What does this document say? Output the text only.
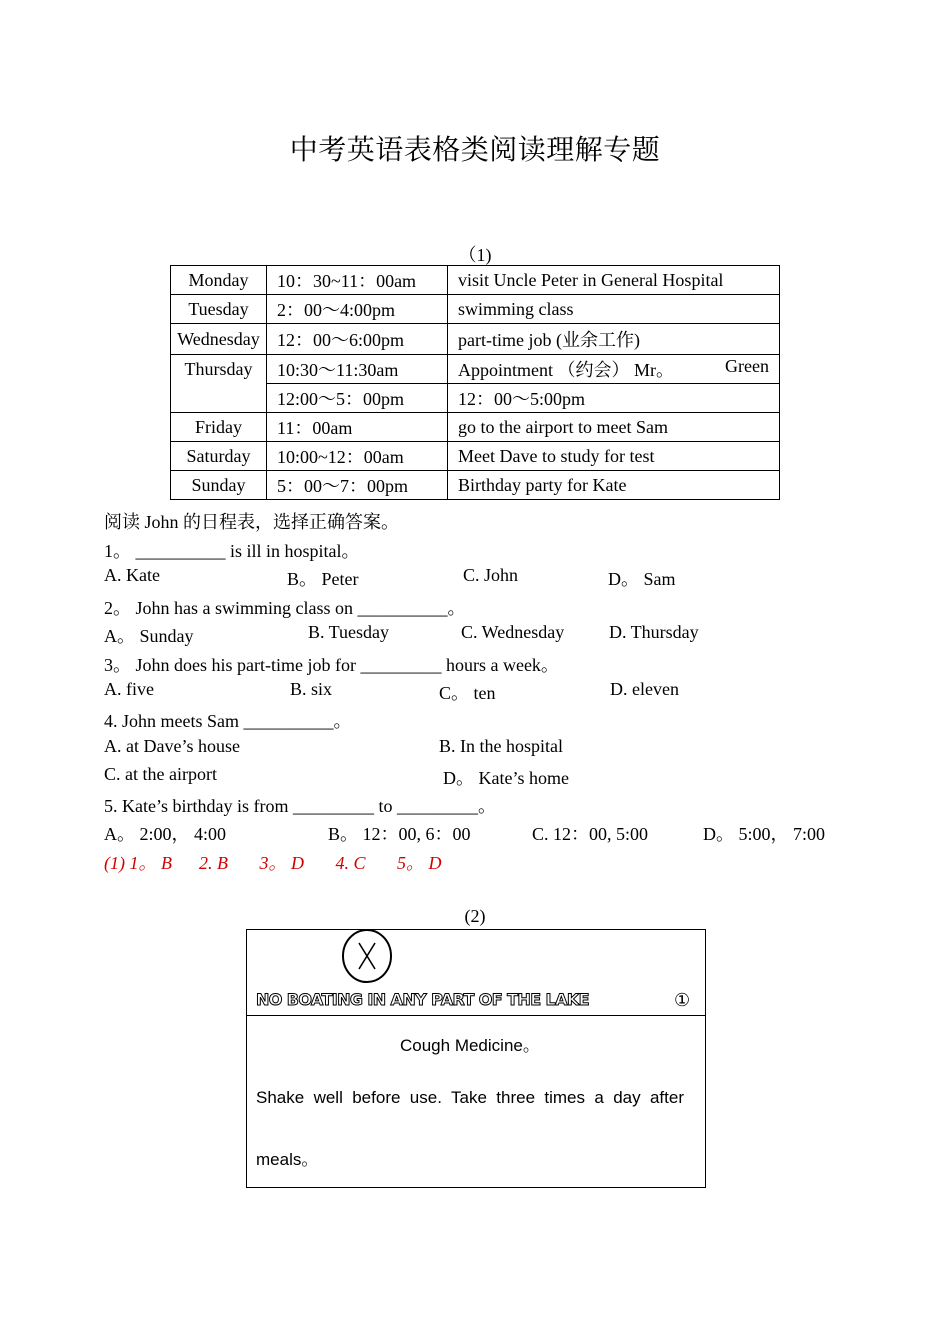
中考英语表格类阅读理解专题
（1)
Monday	10：30~11：00am	visit Uncle Peter in General Hospital
Tuesday	2：00～4:00pm	swimming class
Wednesday	12：00～6:00pm	part-time job (业余工作)
Thursday	10:30～11:30am	Appointment （约会） Mr。 Green

	12:00～5：00pm	12：00～5:00pm
Friday	11：00am	go to the airport to meet Sam
Saturday	10:00~12：00am	Meet Dave to study for test
Sunday	5：00～7：00pm	Birthday party for Kate
阅读 John 的日程表，选择正确答案。
1。 __________ is ill in hospital。
A. Kate	B。 Peter	C. John	D。 Sam
2。 John has a swimming class on __________。
A。 Sunday	B. Tuesday	C. Wednesday D. Thursday
3。 John does his part-time job for _________ hours a week。
A. five	B. six	C。 ten	D. eleven
4. John meets Sam __________。
A. at Dave’s house	B. In the hospital
C. at the airport	D。 Kate’s home
5. Kate’s birthday is from _________ to _________。
A。 2:00， 4:00	B。 12：00, 6：00	C. 12：00, 5:00	D。 5:00， 7:00
(1) 1。 B      2. B       3。 D       4. C       5。 D
(2)
NO BOATING IN ANY PART OF THE LAKE	①
Cough Medicine。
Shake well before use. Take three times a day after
meals。
